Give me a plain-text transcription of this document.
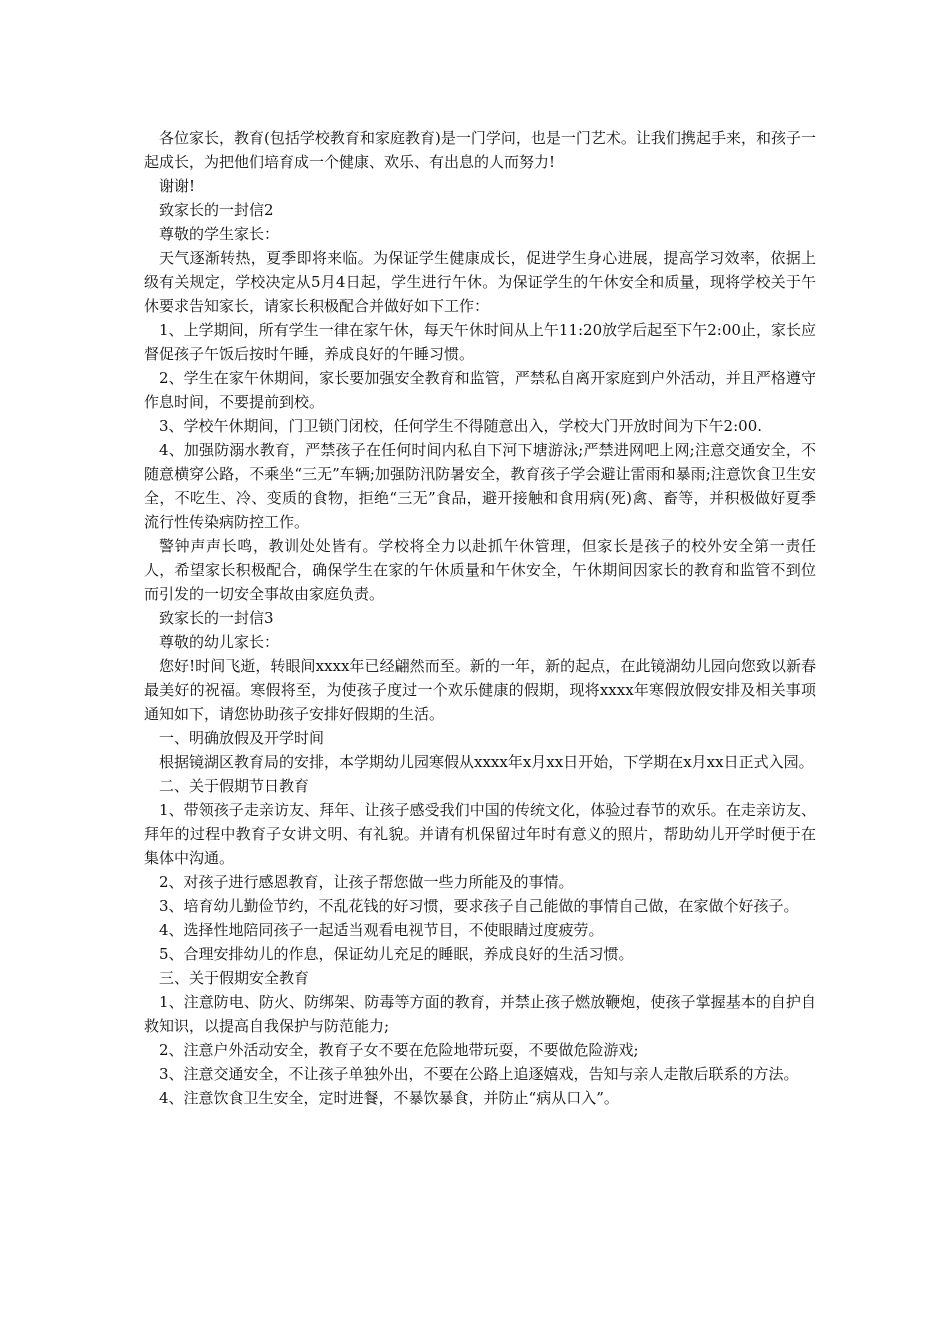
各位家长，教育(包括学校教育和家庭教育)是一门学问，也是一门艺术。让我们携起手来，和孩子一起成长，为把他们培育成一个健康、欢乐、有出息的人而努力!

谢谢!

致家长的一封信2

尊敬的学生家长：

天气逐渐转热，夏季即将来临。为保证学生健康成长，促进学生身心进展，提高学习效率，依据上级有关规定，学校决定从5月4日起，学生进行午休。为保证学生的午休安全和质量，现将学校关于午休要求告知家长，请家长积极配合并做好如下工作：

1、上学期间，所有学生一律在家午休，每天午休时间从上午11:20放学后起至下午2:00止，家长应督促孩子午饭后按时午睡，养成良好的午睡习惯。

2、学生在家午休期间，家长要加强安全教育和监管，严禁私自离开家庭到户外活动，并且严格遵守作息时间，不要提前到校。

3、学校午休期间，门卫锁门闭校，任何学生不得随意出入，学校大门开放时间为下午2:00.

4、加强防溺水教育，严禁孩子在任何时间内私自下河下塘游泳;严禁进网吧上网;注意交通安全，不随意横穿公路，不乘坐“三无”车辆;加强防汛防暑安全，教育孩子学会避让雷雨和暴雨;注意饮食卫生安全，不吃生、冷、变质的食物，拒绝“三无”食品，避开接触和食用病(死)禽、畜等，并积极做好夏季流行性传染病防控工作。

警钟声声长鸣，教训处处皆有。学校将全力以赴抓午休管理，但家长是孩子的校外安全第一责任人，希望家长积极配合，确保学生在家的午休质量和午休安全，午休期间因家长的教育和监管不到位而引发的一切安全事故由家庭负责。

致家长的一封信3

尊敬的幼儿家长：

您好!时间飞逝，转眼间xxxx年已经翩然而至。新的一年，新的起点，在此镜湖幼儿园向您致以新春最美好的祝福。寒假将至，为使孩子度过一个欢乐健康的假期，现将xxxx年寒假放假安排及相关事项通知如下，请您协助孩子安排好假期的生活。

一、明确放假及开学时间

根据镜湖区教育局的安排，本学期幼儿园寒假从xxxx年x月xx日开始，下学期在x月xx日正式入园。

二、关于假期节日教育

1、带领孩子走亲访友、拜年、让孩子感受我们中国的传统文化，体验过春节的欢乐。在走亲访友、拜年的过程中教育子女讲文明、有礼貌。并请有机保留过年时有意义的照片，帮助幼儿开学时便于在集体中沟通。

2、对孩子进行感恩教育，让孩子帮您做一些力所能及的事情。

3、培育幼儿勤俭节约，不乱花钱的好习惯，要求孩子自己能做的事情自己做，在家做个好孩子。

4、选择性地陪同孩子一起适当观看电视节目，不使眼睛过度疲劳。

5、合理安排幼儿的作息，保证幼儿充足的睡眠，养成良好的生活习惯。

三、关于假期安全教育

1、注意防电、防火、防绑架、防毒等方面的教育，并禁止孩子燃放鞭炮，使孩子掌握基本的自护自救知识，以提高自我保护与防范能力;

2、注意户外活动安全，教育子女不要在危险地带玩耍，不要做危险游戏;

3、注意交通安全，不让孩子单独外出，不要在公路上追逐嬉戏，告知与亲人走散后联系的方法。

4、注意饮食卫生安全，定时进餐，不暴饮暴食，并防止“病从口入”。
